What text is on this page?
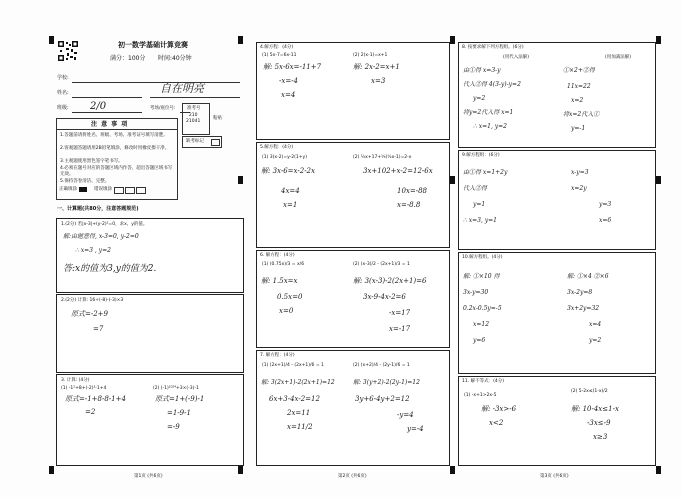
初一数学基础计算竞赛
满分：100分 时间:40分钟
学校:
姓名:	自在明亮
班级: 2/0	考场/座位号:
注 意 事 项
1.答题前请将姓名、班级、考场、准考证号填写清楚。
2.客观题答题请用2B铅笔填涂，修改时用橡皮擦干净。
3.主观题使用黑色签字笔书写。
4.必须在题号对应的答题区域内作答，超出答题区域书写无效。
5.保持答卷清洁、完整。
准考号
210
21041	粘贴
缺考标记
正确填涂	错误填涂
一、计算题(共80分，注意答题规范)
1.(2分) 若|x-3|+(y-2)²=0，求x、y的值。
解:由题意得, x-3=0, y-2=0
∴ x=3 , y=2
答:x的值为3,y的值为2.
2.(2分) 计算: 16÷(-8)-(-3)×3
原式=-2+9
=7
3. 计算: (4分)
(1) -1²+8+(-2)³-1+4
原式=-1+8-8-1+4
=2
(2) (-1)²⁰²⁴+3×(-3)-1
原式=1+(-9)-1
=1-9-1
=-9
第1页 (共6页)
4.解方程：(4分)
(1) 5x-7=6x-11
解: 5x-6x=-11+7
-x=-4
x=4
(2) 2(x-1)=x+1
解: 2x-2=x+1
x=3
5.解方程：(4分)
(1) 3(x-2)=y-2(1+y)
解: 3x-6=x-2-2x
4x=4
x=1
(2) ½x+17+⅓(½x-1)=2-x
3x+102+x-2=12-6x
10x=-88
x=-8.8
6. 解方程：(4分)
(1) (0.75x)/3 = x/6
解: 1.5x=x
0.5x=0
x=0
(2) (x-3)/2 - (2x+1)/3 = 1
解: 3(x-3)-2(2x+1)=6
3x-9-4x-2=6
-x=17
x=-17
7. 解方程：(4分)
(1) (2x+1)/4 - (2x+1)/6 = 1
解: 3(2x+1)-2(2x+1)=12
6x+3-4x-2=12
2x=11
x=11/2
(2) (x+2)/4 - (2y-1)/6 = 1
解: 3(y+2)-2(2y-1)=12
3y+6-4y+2=12
-y=4
y=-4
第2页 (共6页)
8. 按要求解下列方程组。(6分)
(用代入法解)	(用加减法解)
由①得 x=3-y
代入②得 4(3-y)-y=2
y=2
将y=2代入得 x=1
∴ x=1, y=2
①×2+②得
11x=22
x=2
将x=2代入①
y=-1
9.解方程组：(6分)
由①得 x=1+2y
代入②得
y=1
∴ x=3, y=1
x-y=3
x=2y
y=3
x=6
10.解方程组。(4分)
解: ①×10 得
3x-y=30
0.2x-0.5y=-5
x=12
y=6
解: ①×4 ②×6
3x-2y=8
3x+2y=32
x=4
y=2
11. 解不等式：(4分)
(1) -x+1>2x-5
解: -3x>-6
x<2
(2) 5-2x≤(1-x)/2
解: 10-4x≤1-x
-3x≤-9
x≥3
第3页 (共6页)
